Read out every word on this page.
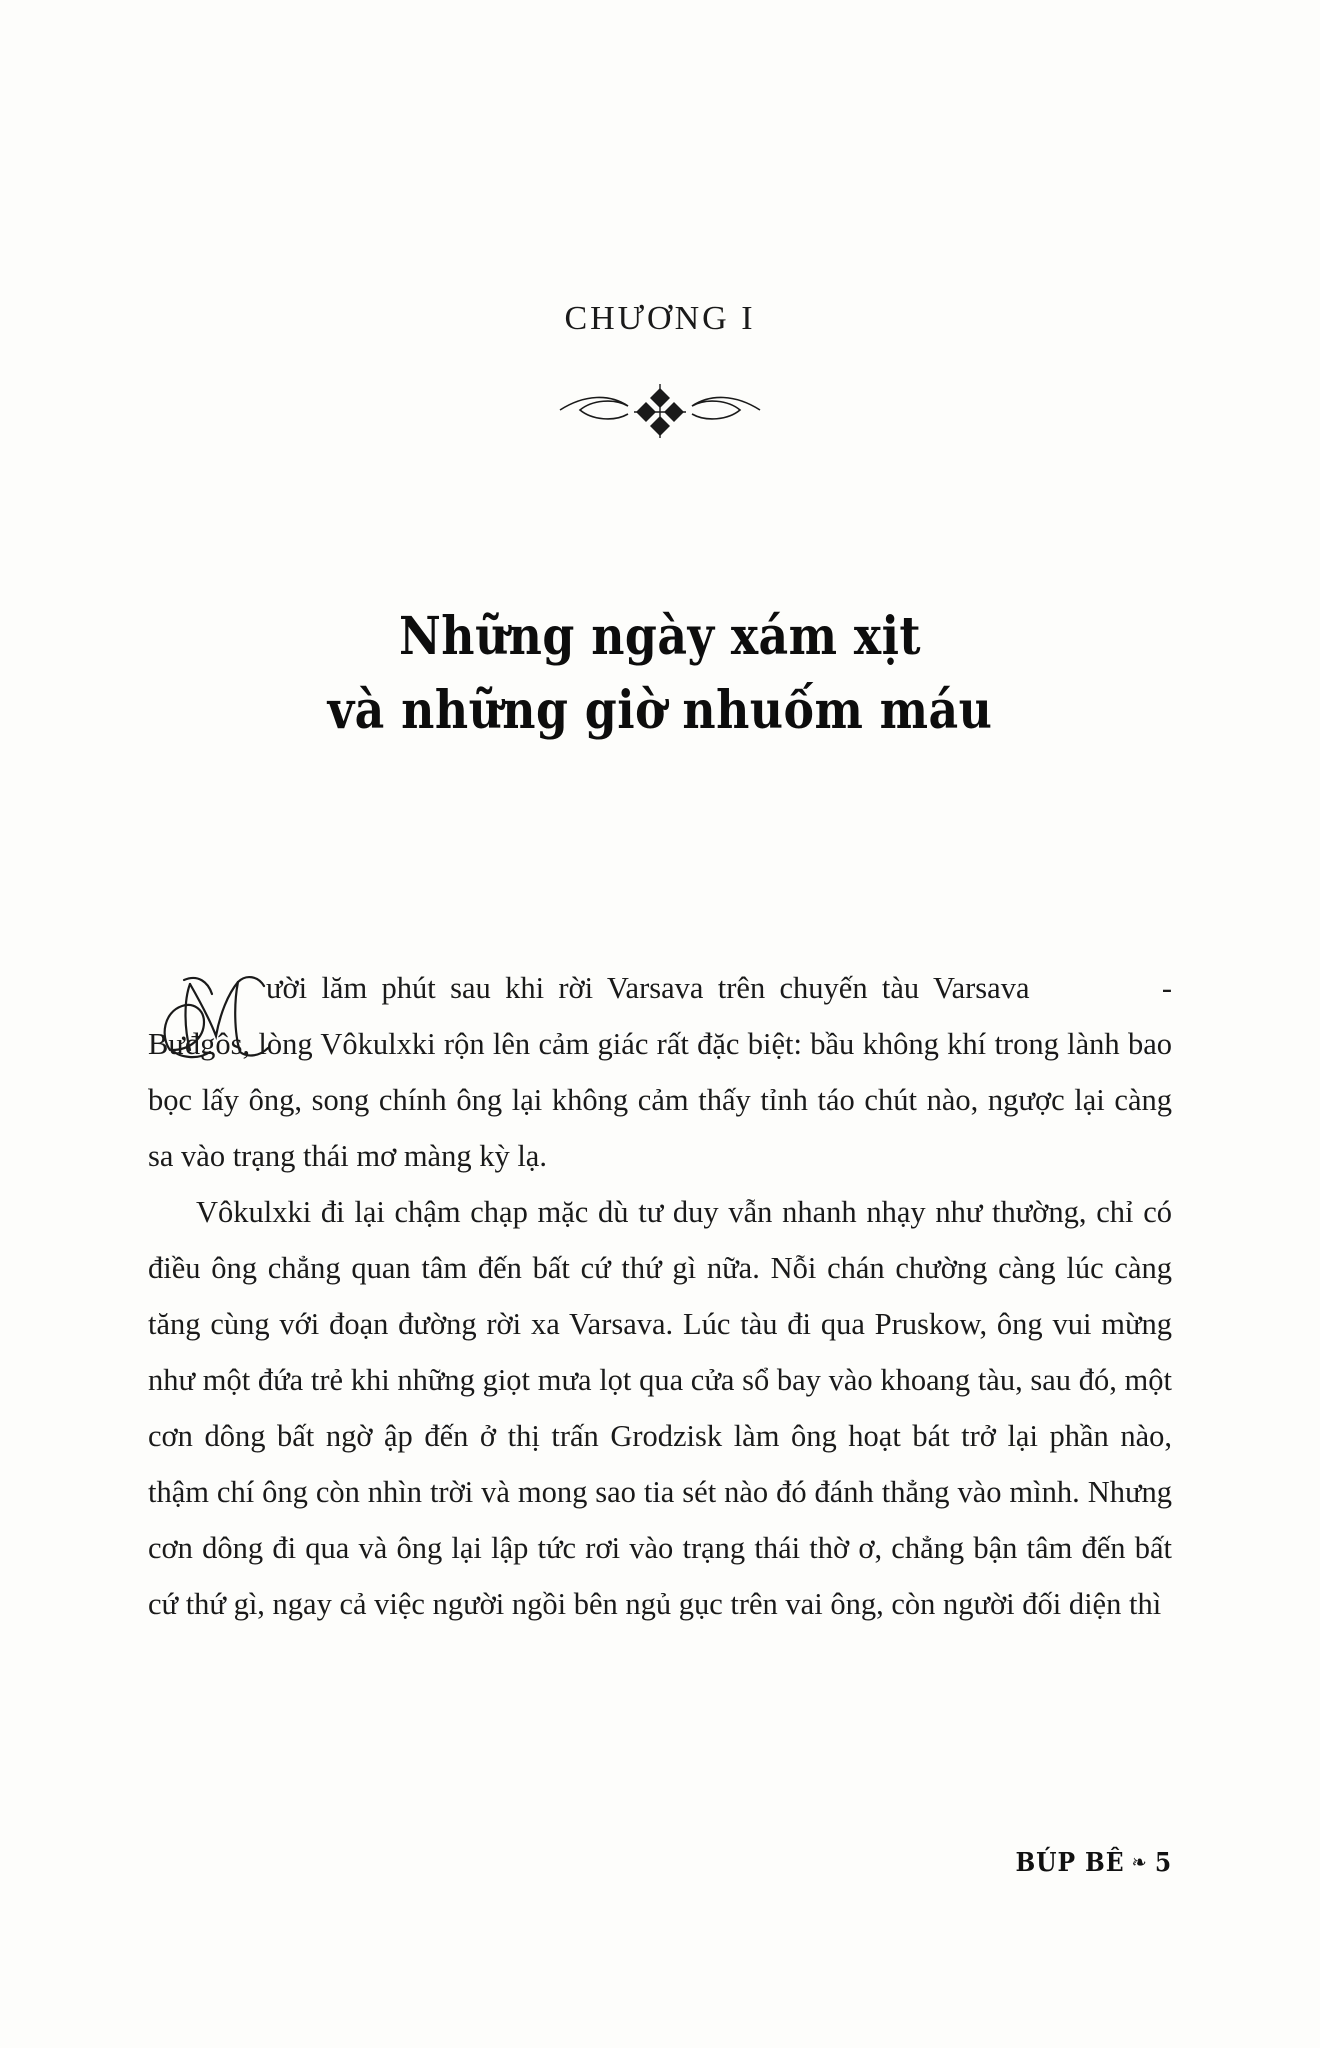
CHƯƠNG I
Những ngày xám xịt
và những giờ nhuốm máu

ười lăm phút sau khi rời Varsava trên chuyến tàu Varsava	- Bưđgôs, lòng Vôkulxki rộn lên cảm giác rất đặc biệt: bầu không khí trong lành bao bọc lấy ông, song chính ông lại không cảm thấy tỉnh táo chút nào, ngược lại càng sa vào trạng thái mơ màng kỳ lạ.

Vôkulxki đi lại chậm chạp mặc dù tư duy vẫn nhanh nhạy như thường, chỉ có điều ông chẳng quan tâm đến bất cứ thứ gì nữa. Nỗi chán chường càng lúc càng tăng cùng với đoạn đường rời xa Varsava. Lúc tàu đi qua Pruskow, ông vui mừng như một đứa trẻ khi những giọt mưa lọt qua cửa sổ bay vào khoang tàu, sau đó, một cơn dông bất ngờ ập đến ở thị trấn Grodzisk làm ông hoạt bát trở lại phần nào, thậm chí ông còn nhìn trời và mong sao tia sét nào đó đánh thẳng vào mình. Nhưng cơn dông đi qua và ông lại lập tức rơi vào trạng thái thờ ơ, chẳng bận tâm đến bất cứ thứ gì, ngay cả việc người ngồi bên ngủ gục trên vai ông, còn người đối diện thì

BÚP BÊ ❧ 5
